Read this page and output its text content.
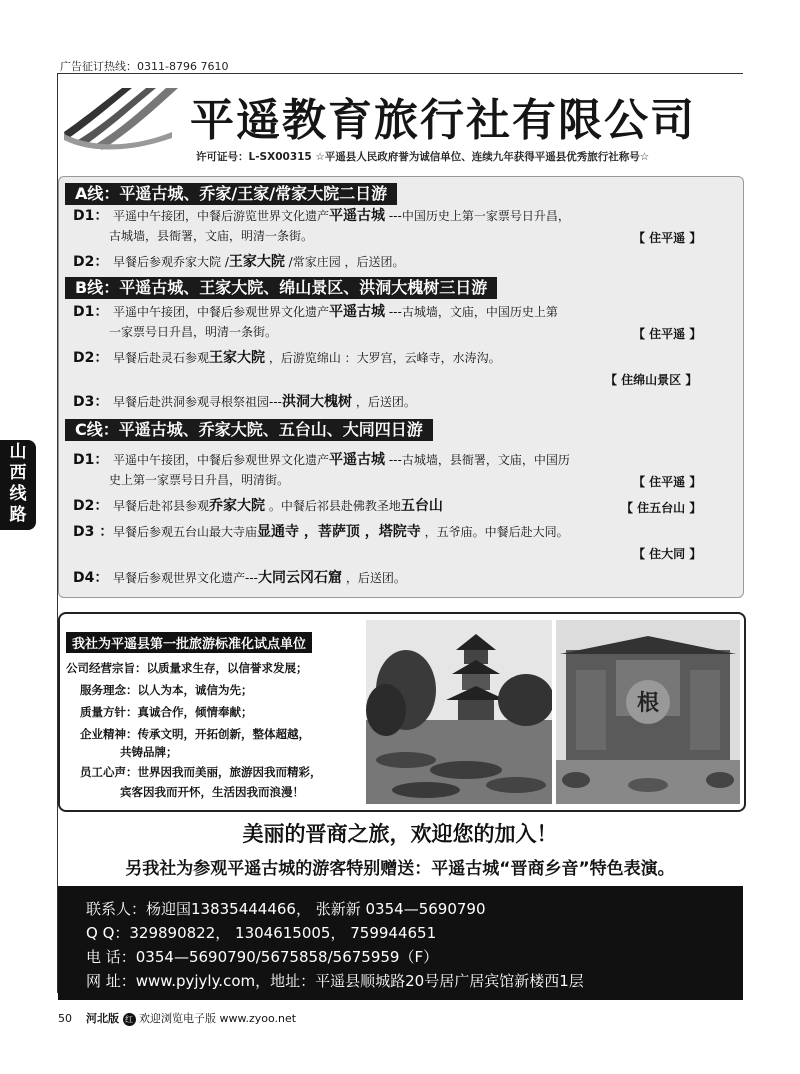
广告征订热线：0311-8796 7610
平遥教育旅行社有限公司
许可证号：L-SX00315 ☆平遥县人民政府誉为诚信单位、连续九年获得平遥县优秀旅行社称号☆
山西线路
A线：平遥古城、乔家/王家/常家大院二日游
D1： 平遥中午接团，中餐后游览世界文化遗产平遥古城 ---中国历史上第一家票号日升昌，
古城墙，县衙署，文庙，明清一条街。	【 住平遥 】
D2： 早餐后参观乔家大院 /王家大院 /常家庄园 ，后送团。
B线：平遥古城、王家大院、绵山景区、洪洞大槐树三日游
D1： 平遥中午接团，中餐后参观世界文化遗产平遥古城 ---古城墙，文庙，中国历史上第
一家票号日升昌，明清一条街。	【 住平遥 】
D2： 早餐后赴灵石参观王家大院 ，后游览绵山 ：大罗宫，云峰寺，水涛沟。
【 住绵山景区 】
D3： 早餐后赴洪洞参观寻根祭祖园---洪洞大槐树 ，后送团。
C线：平遥古城、乔家大院、五台山、大同四日游
D1： 平遥中午接团，中餐后参观世界文化遗产平遥古城 ---古城墙，县衙署，文庙，中国历
史上第一家票号日升昌，明清街。	【 住平遥 】
D2： 早餐后赴祁县参观乔家大院 。中餐后祁县赴佛教圣地五台山	【 住五台山 】
D3 ：早餐后参观五台山最大寺庙显通寺 ，菩萨顶 ，塔院寺 ，五爷庙。中餐后赴大同。
【 住大同 】
D4： 早餐后参观世界文化遗产---大同云冈石窟 ，后送团。
我社为平遥县第一批旅游标准化试点单位
公司经营宗旨：以质量求生存，以信誉求发展；
服务理念：以人为本，诚信为先；
质量方针：真诚合作，倾情奉献；
企业精神：传承文明，开拓创新，整体超越，
共铸品牌；
员工心声：世界因我而美丽，旅游因我而精彩，
宾客因我而开怀，生活因我而浪漫！
根
美丽的晋商之旅，欢迎您的加入！
另我社为参观平遥古城的游客特别赠送：平遥古城“晋商乡音”特色表演。
联系人：杨迎国13835444466， 张新新 0354—5690790
Q Q：329890822， 1304615005， 759944651
电 话：0354—5690790/5675858/5675959（F）
网 址：www.pyjyly.com，地址：平遥县顺城路20号居广居宾馆新楼西1层
50 河北版 红 欢迎浏览电子版 www.zyoo.net
